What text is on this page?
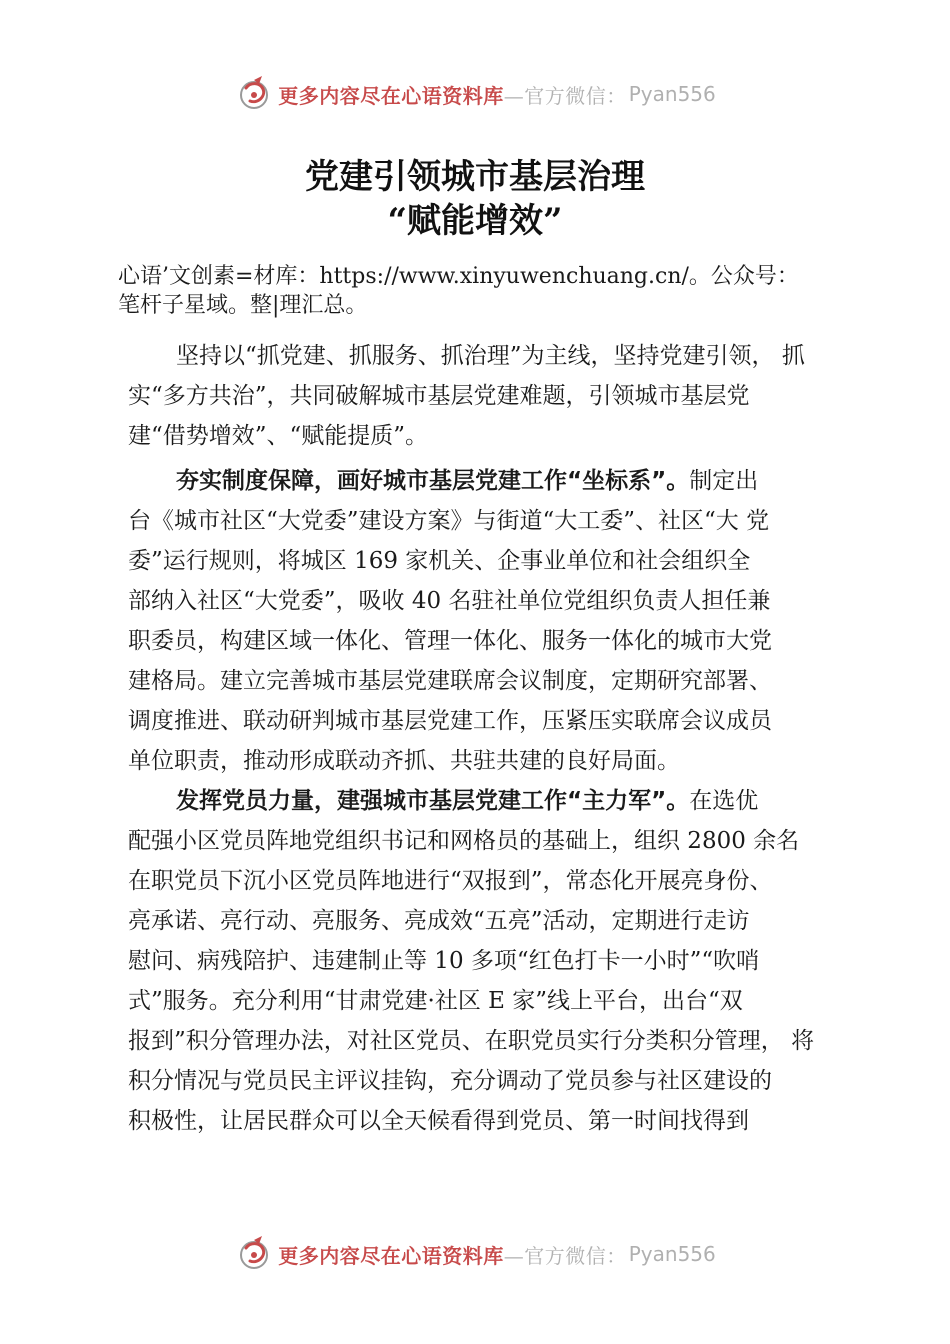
更多内容尽在心语资料库 —官方微信： Pyan556
党建引领城市基层治理
“赋能增效”
心语’文创素=材库：https://www.xinyuwenchuang.cn/。公众号：
笔杆子星域。整|理汇总。
坚持以“抓党建、抓服务、抓治理”为主线，坚持党建引领， 抓
实“多方共治”，共同破解城市基层党建难题，引领城市基层党
建“借势增效”、“赋能提质”。
夯实制度保障，画好城市基层党建工作“坐标系”。制定出
台《城市社区“大党委”建设方案》与街道“大工委”、社区“大 党
委”运行规则，将城区 169 家机关、企事业单位和社会组织全
部纳入社区“大党委”，吸收 40 名驻社单位党组织负责人担任兼
职委员，构建区域一体化、管理一体化、服务一体化的城市大党
建格局。建立完善城市基层党建联席会议制度，定期研究部署、
调度推进、联动研判城市基层党建工作，压紧压实联席会议成员
单位职责，推动形成联动齐抓、共驻共建的良好局面。
发挥党员力量，建强城市基层党建工作“主力军”。在选优
配强小区党员阵地党组织书记和网格员的基础上，组织 2800 余名
在职党员下沉小区党员阵地进行“双报到”，常态化开展亮身份、
亮承诺、亮行动、亮服务、亮成效“五亮”活动，定期进行走访
慰问、病残陪护、违建制止等 10 多项“红色打卡一小时”“吹哨
式”服务。充分利用“甘肃党建·社区 E 家”线上平台，出台“双
报到”积分管理办法，对社区党员、在职党员实行分类积分管理， 将
积分情况与党员民主评议挂钩，充分调动了党员参与社区建设的
积极性，让居民群众可以全天候看得到党员、第一时间找得到
更多内容尽在心语资料库 —官方微信： Pyan556
